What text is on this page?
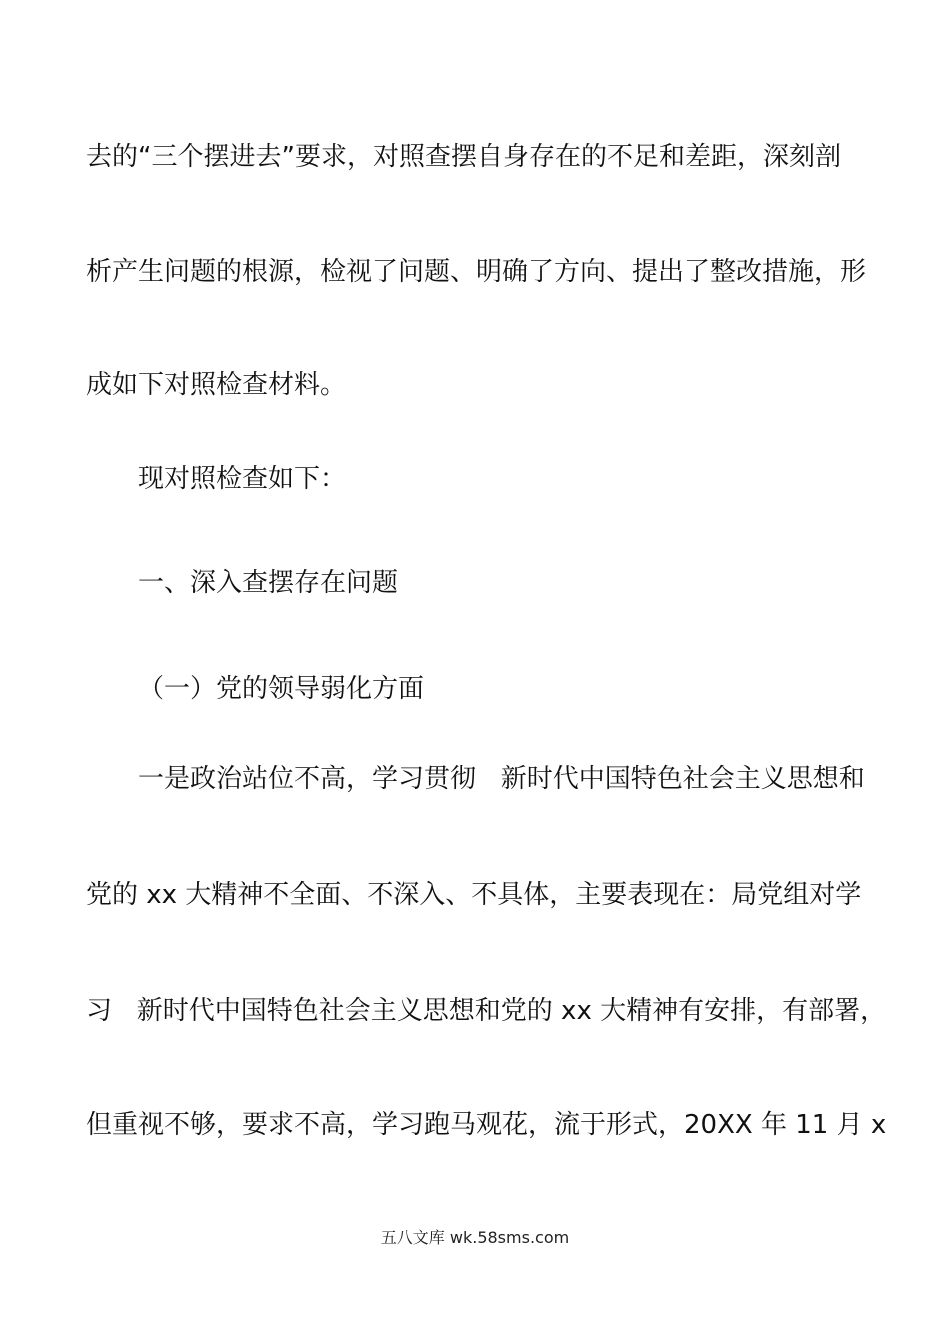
去的“三个摆进去”要求，对照查摆自身存在的不足和差距，深刻剖
析产生问题的根源，检视了问题、明确了方向、提出了整改措施，形
成如下对照检查材料。
现对照检查如下：
一、深入查摆存在问题
（一）党的领导弱化方面
一是政治站位不高，学习贯彻   新时代中国特色社会主义思想和
党的 xx 大精神不全面、不深入、不具体，主要表现在：局党组对学
习   新时代中国特色社会主义思想和党的 xx 大精神有安排，有部署，
但重视不够，要求不高，学习跑马观花，流于形式，20XX 年 11 月 x
五八文库 wk.58sms.com
